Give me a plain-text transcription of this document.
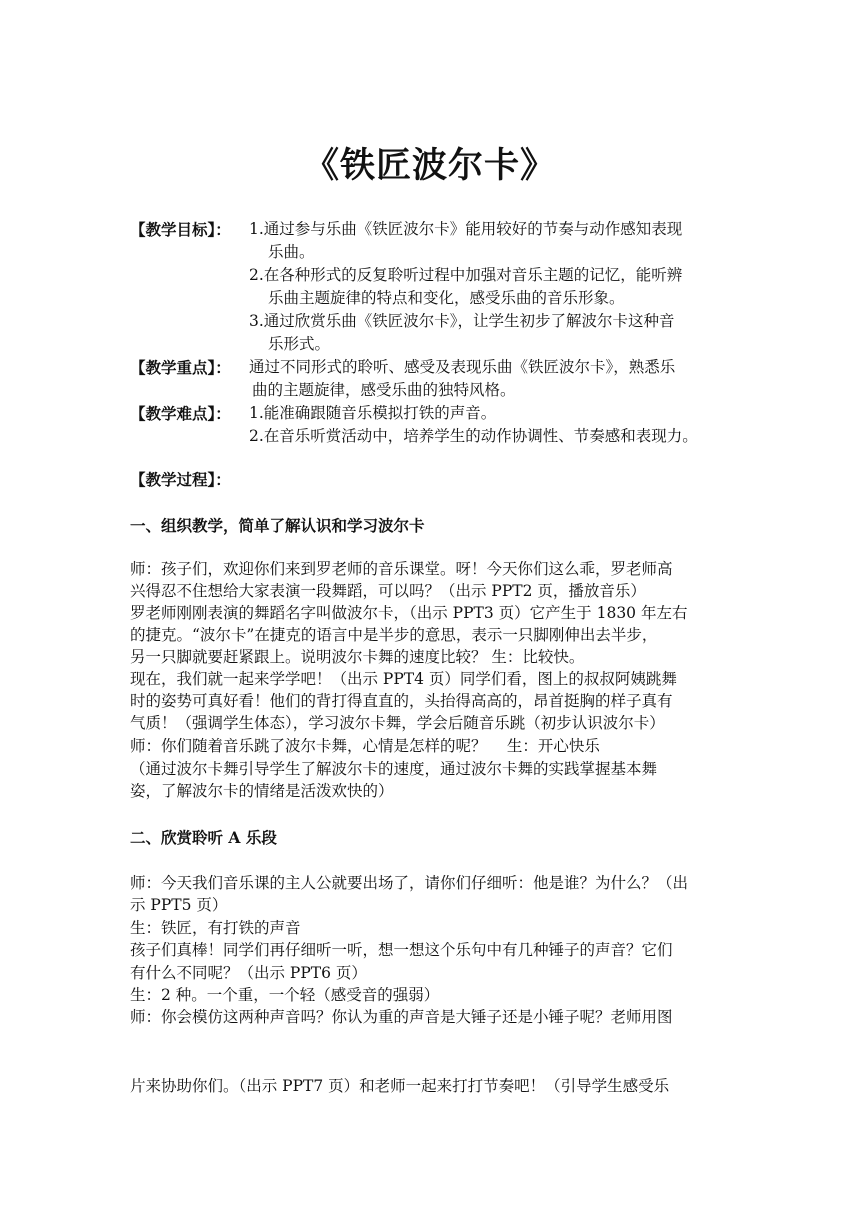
《铁匠波尔卡》
【教学目标】： 1.通过参与乐曲《铁匠波尔卡》能用较好的节奏与动作感知表现
乐曲。
2.在各种形式的反复聆听过程中加强对音乐主题的记忆，能听辨
乐曲主题旋律的特点和变化，感受乐曲的音乐形象。
3.通过欣赏乐曲《铁匠波尔卡》，让学生初步了解波尔卡这种音
乐形式。
【教学重点】： 通过不同形式的聆听、感受及表现乐曲《铁匠波尔卡》，熟悉乐
曲的主题旋律，感受乐曲的独特风格。
【教学难点】： 1.能准确跟随音乐模拟打铁的声音。
2.在音乐听赏活动中，培养学生的动作协调性、节奏感和表现力。
【教学过程】：
一、组织教学，简单了解认识和学习波尔卡
师：孩子们，欢迎你们来到罗老师的音乐课堂。呀！今天你们这么乖，罗老师高
兴得忍不住想给大家表演一段舞蹈，可以吗？（出示 PPT2 页，播放音乐）
罗老师刚刚表演的舞蹈名字叫做波尔卡，（出示 PPT3 页）它产生于 1830 年左右
的捷克。“波尔卡”在捷克的语言中是半步的意思，表示一只脚刚伸出去半步，
另一只脚就要赶紧跟上。说明波尔卡舞的速度比较？ 生：比较快。
现在，我们就一起来学学吧！（出示 PPT4 页）同学们看，图上的叔叔阿姨跳舞
时的姿势可真好看！他们的背打得直直的，头抬得高高的，昂首挺胸的样子真有
气质！（强调学生体态），学习波尔卡舞，学会后随音乐跳（初步认识波尔卡）
师：你们随着音乐跳了波尔卡舞，心情是怎样的呢？ 　生：开心快乐
（通过波尔卡舞引导学生了解波尔卡的速度，通过波尔卡舞的实践掌握基本舞
姿，了解波尔卡的情绪是活泼欢快的）
二、欣赏聆听 A 乐段
师：今天我们音乐课的主人公就要出场了，请你们仔细听：他是谁？为什么？（出
示 PPT5 页）
生：铁匠，有打铁的声音
孩子们真棒！同学们再仔细听一听，想一想这个乐句中有几种锤子的声音？它们
有什么不同呢？（出示 PPT6 页）
生：2 种。一个重，一个轻（感受音的强弱）
师：你会模仿这两种声音吗？你认为重的声音是大锤子还是小锤子呢？老师用图
片来协助你们。（出示 PPT7 页）和老师一起来打打节奏吧！（引导学生感受乐
